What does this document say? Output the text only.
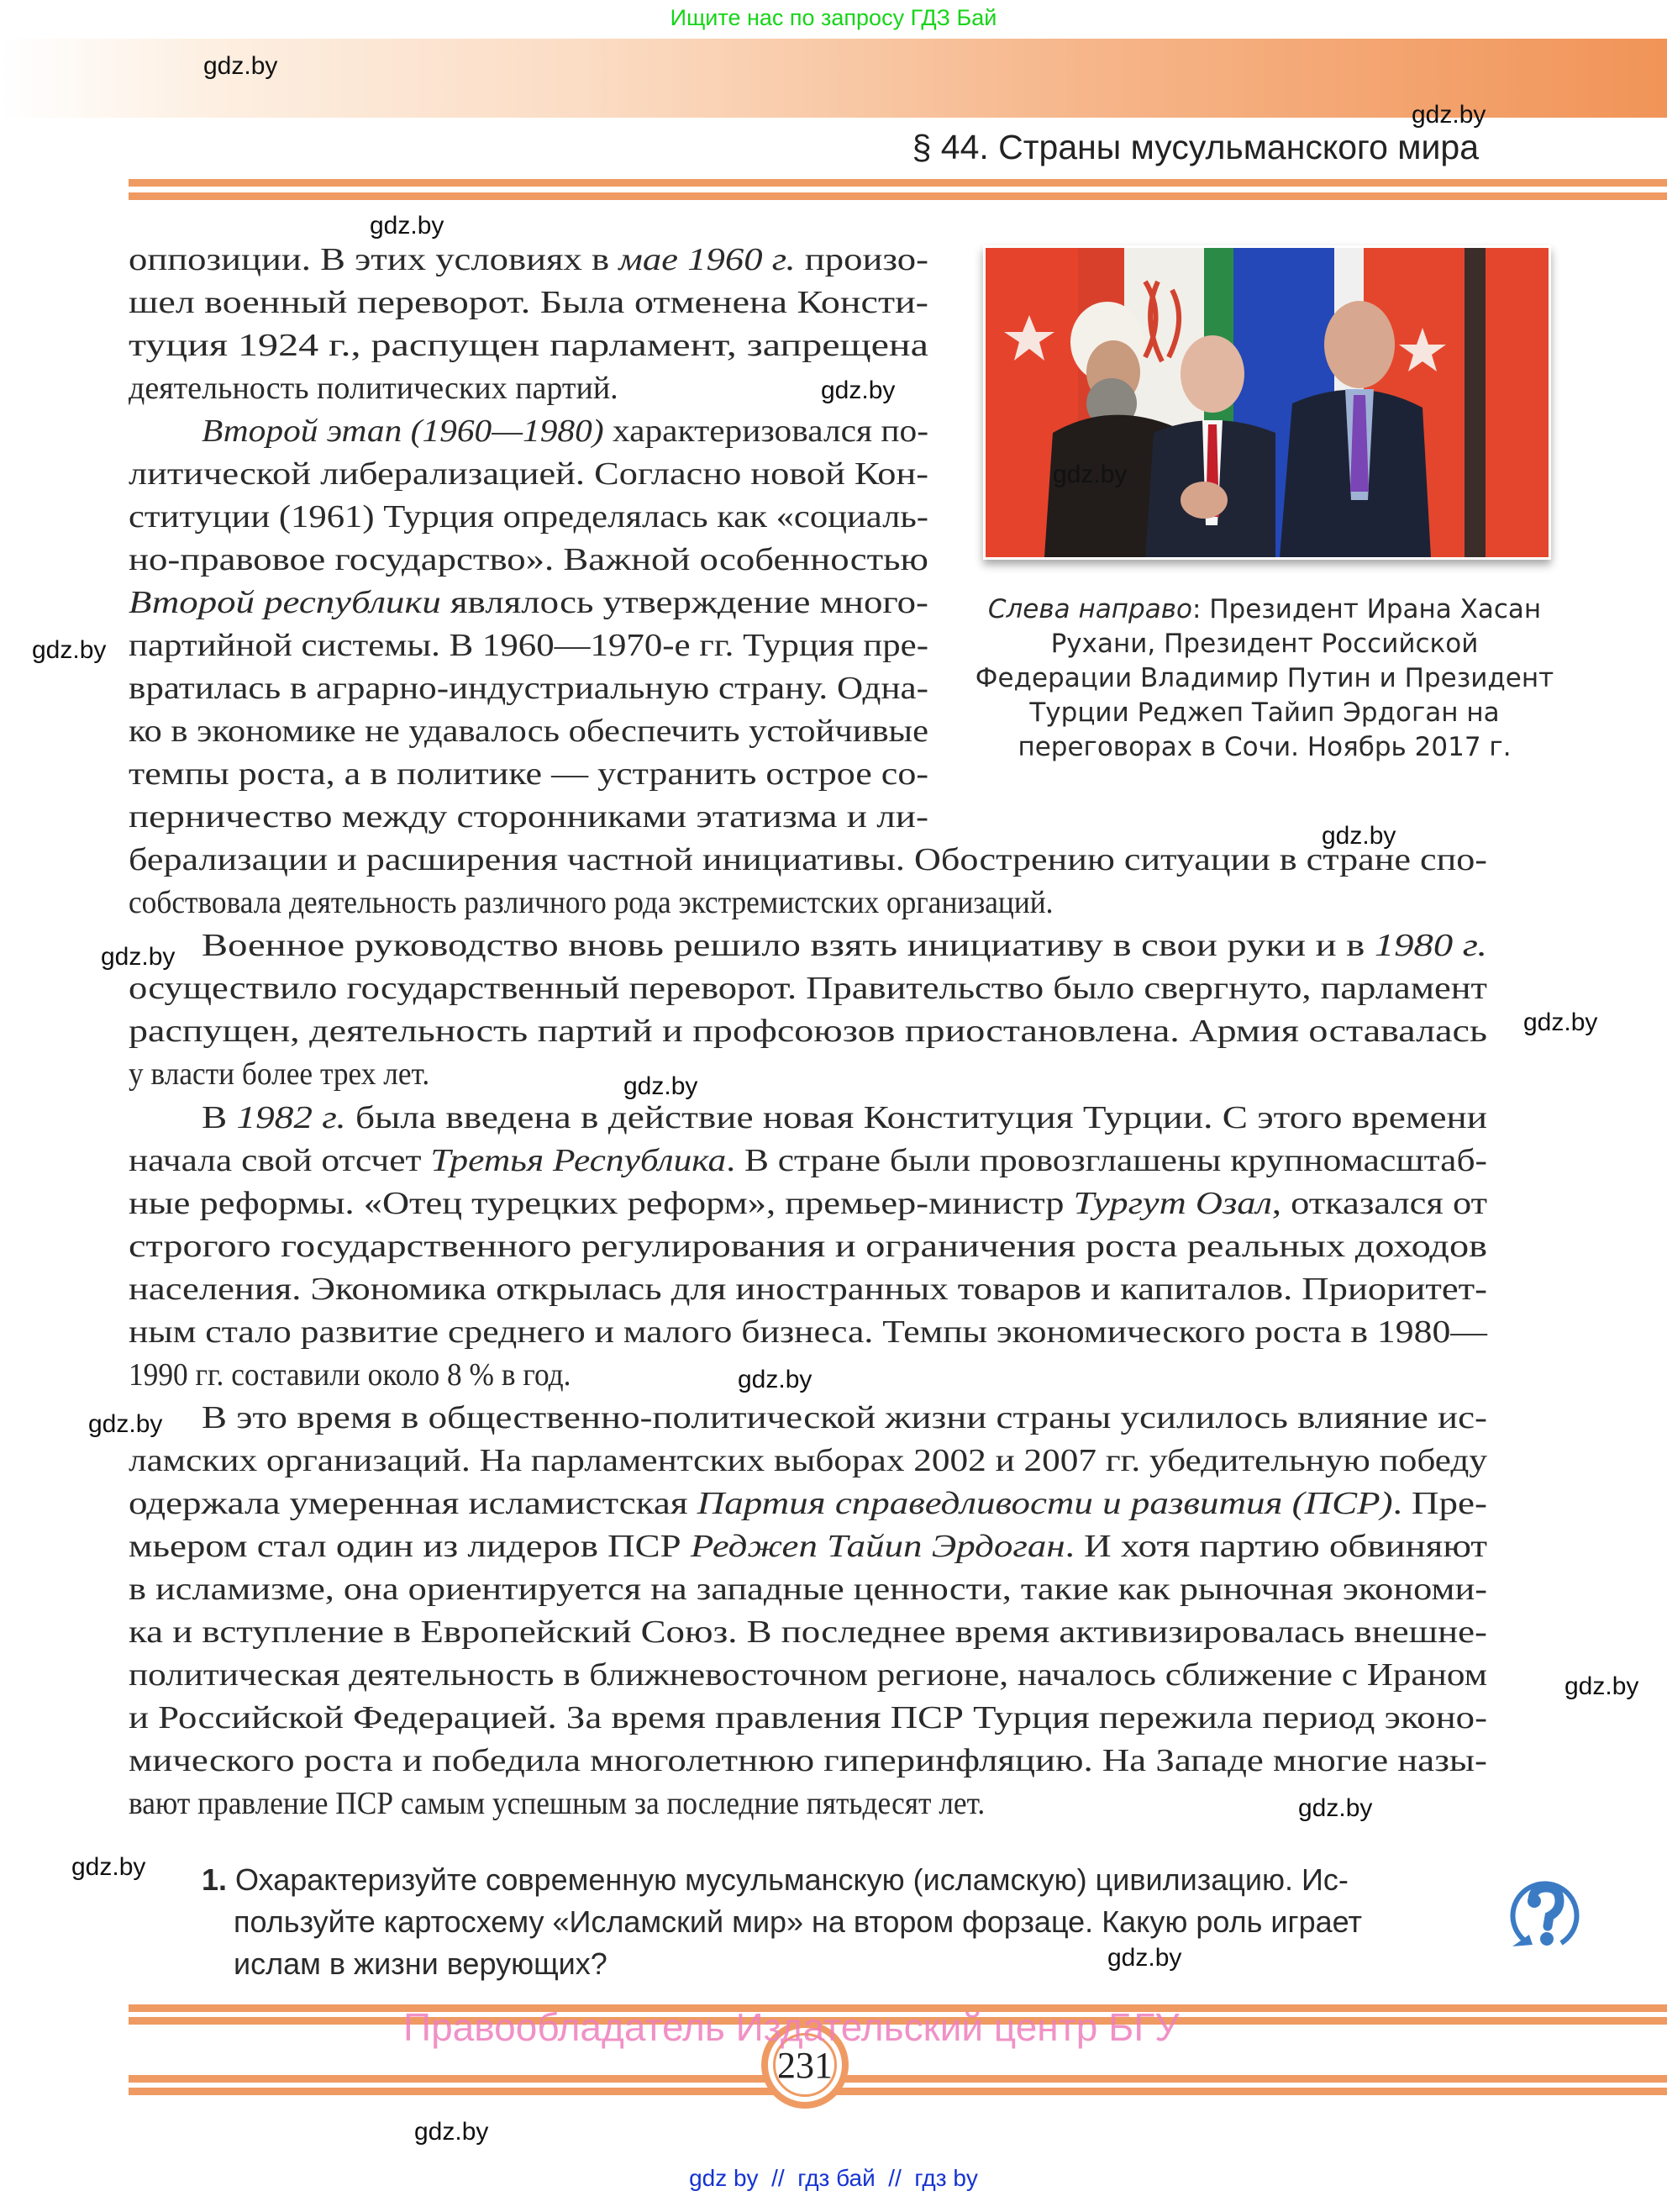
Ищите нас по запросу ГДЗ Бай
§ 44. Страны мусульманского мира
оппозиции. В этих условиях в мае 1960 г. произо-
шел военный переворот. Была отменена Консти-
туция 1924 г., распущен парламент, запрещена
деятельность политических партий.
Второй этап (1960—1980) характеризовался по-
литической либерализацией. Согласно новой Кон-
ституции (1961) Турция определялась как «социаль-
но-правовое государство». Важной особенностью
Второй республики являлось утверждение много-
партийной системы. В 1960—1970-е гг. Турция пре-
вратилась в аграрно-индустриальную страну. Одна-
ко в экономике не удавалось обеспечить устойчивые
темпы роста, а в политике — устранить острое со-
перничество между сторонниками этатизма и ли-
Слева направо: Президент Ирана Хасан
Рухани, Президент Российской
Федерации Владимир Путин и Президент
Турции Реджеп Тайип Эрдоган на
переговорах в Сочи. Ноябрь 2017 г.
берализации и расширения частной инициативы. Обострению ситуации в стране спо-
собствовала деятельность различного рода экстремистских организаций.
Военное руководство вновь решило взять инициативу в свои руки и в 1980 г.
осуществило государственный переворот. Правительство было свергнуто, парламент
распущен, деятельность партий и профсоюзов приостановлена. Армия оставалась
у власти более трех лет.
В 1982 г. была введена в действие новая Конституция Турции. С этого времени
начала свой отсчет Третья Республика. В стране были провозглашены крупномасштаб-
ные реформы. «Отец турецких реформ», премьер-министр Тургут Озал, отказался от
строгого государственного регулирования и ограничения роста реальных доходов
населения. Экономика открылась для иностранных товаров и капиталов. Приоритет-
ным стало развитие среднего и малого бизнеса. Темпы экономического роста в 1980—
1990 гг. составили около 8 % в год.
В это время в общественно-политической жизни страны усилилось влияние ис-
ламских организаций. На парламентских выборах 2002 и 2007 гг. убедительную победу
одержала умеренная исламистская Партия справедливости и развития (ПСР). Пре-
мьером стал один из лидеров ПСР Реджеп Тайип Эрдоган. И хотя партию обвиняют
в исламизме, она ориентируется на западные ценности, такие как рыночная экономи-
ка и вступление в Европейский Союз. В последнее время активизировалась внешне-
политическая деятельность в ближневосточном регионе, началось сближение с Ираном
и Российской Федерацией. За время правления ПСР Турция пережила период эконо-
мического роста и победила многолетнюю гиперинфляцию. На Западе многие назы-
вают правление ПСР самым успешным за последние пятьдесят лет.
1. Охарактеризуйте современную мусульманскую (исламскую) цивилизацию. Ис-
пользуйте картосхему «Исламский мир» на втором форзаце. Какую роль играет
ислам в жизни верующих?
231
Правообладатель Издательский центр БГУ
gdz by  //  гдз бай  //  гдз by
gdz.by
gdz.by
gdz.by
gdz.by
gdz.by
gdz.by
gdz.by
gdz.by
gdz.by
gdz.by
gdz.by
gdz.by
gdz.by
gdz.by
gdz.by
gdz.by
gdz.by
